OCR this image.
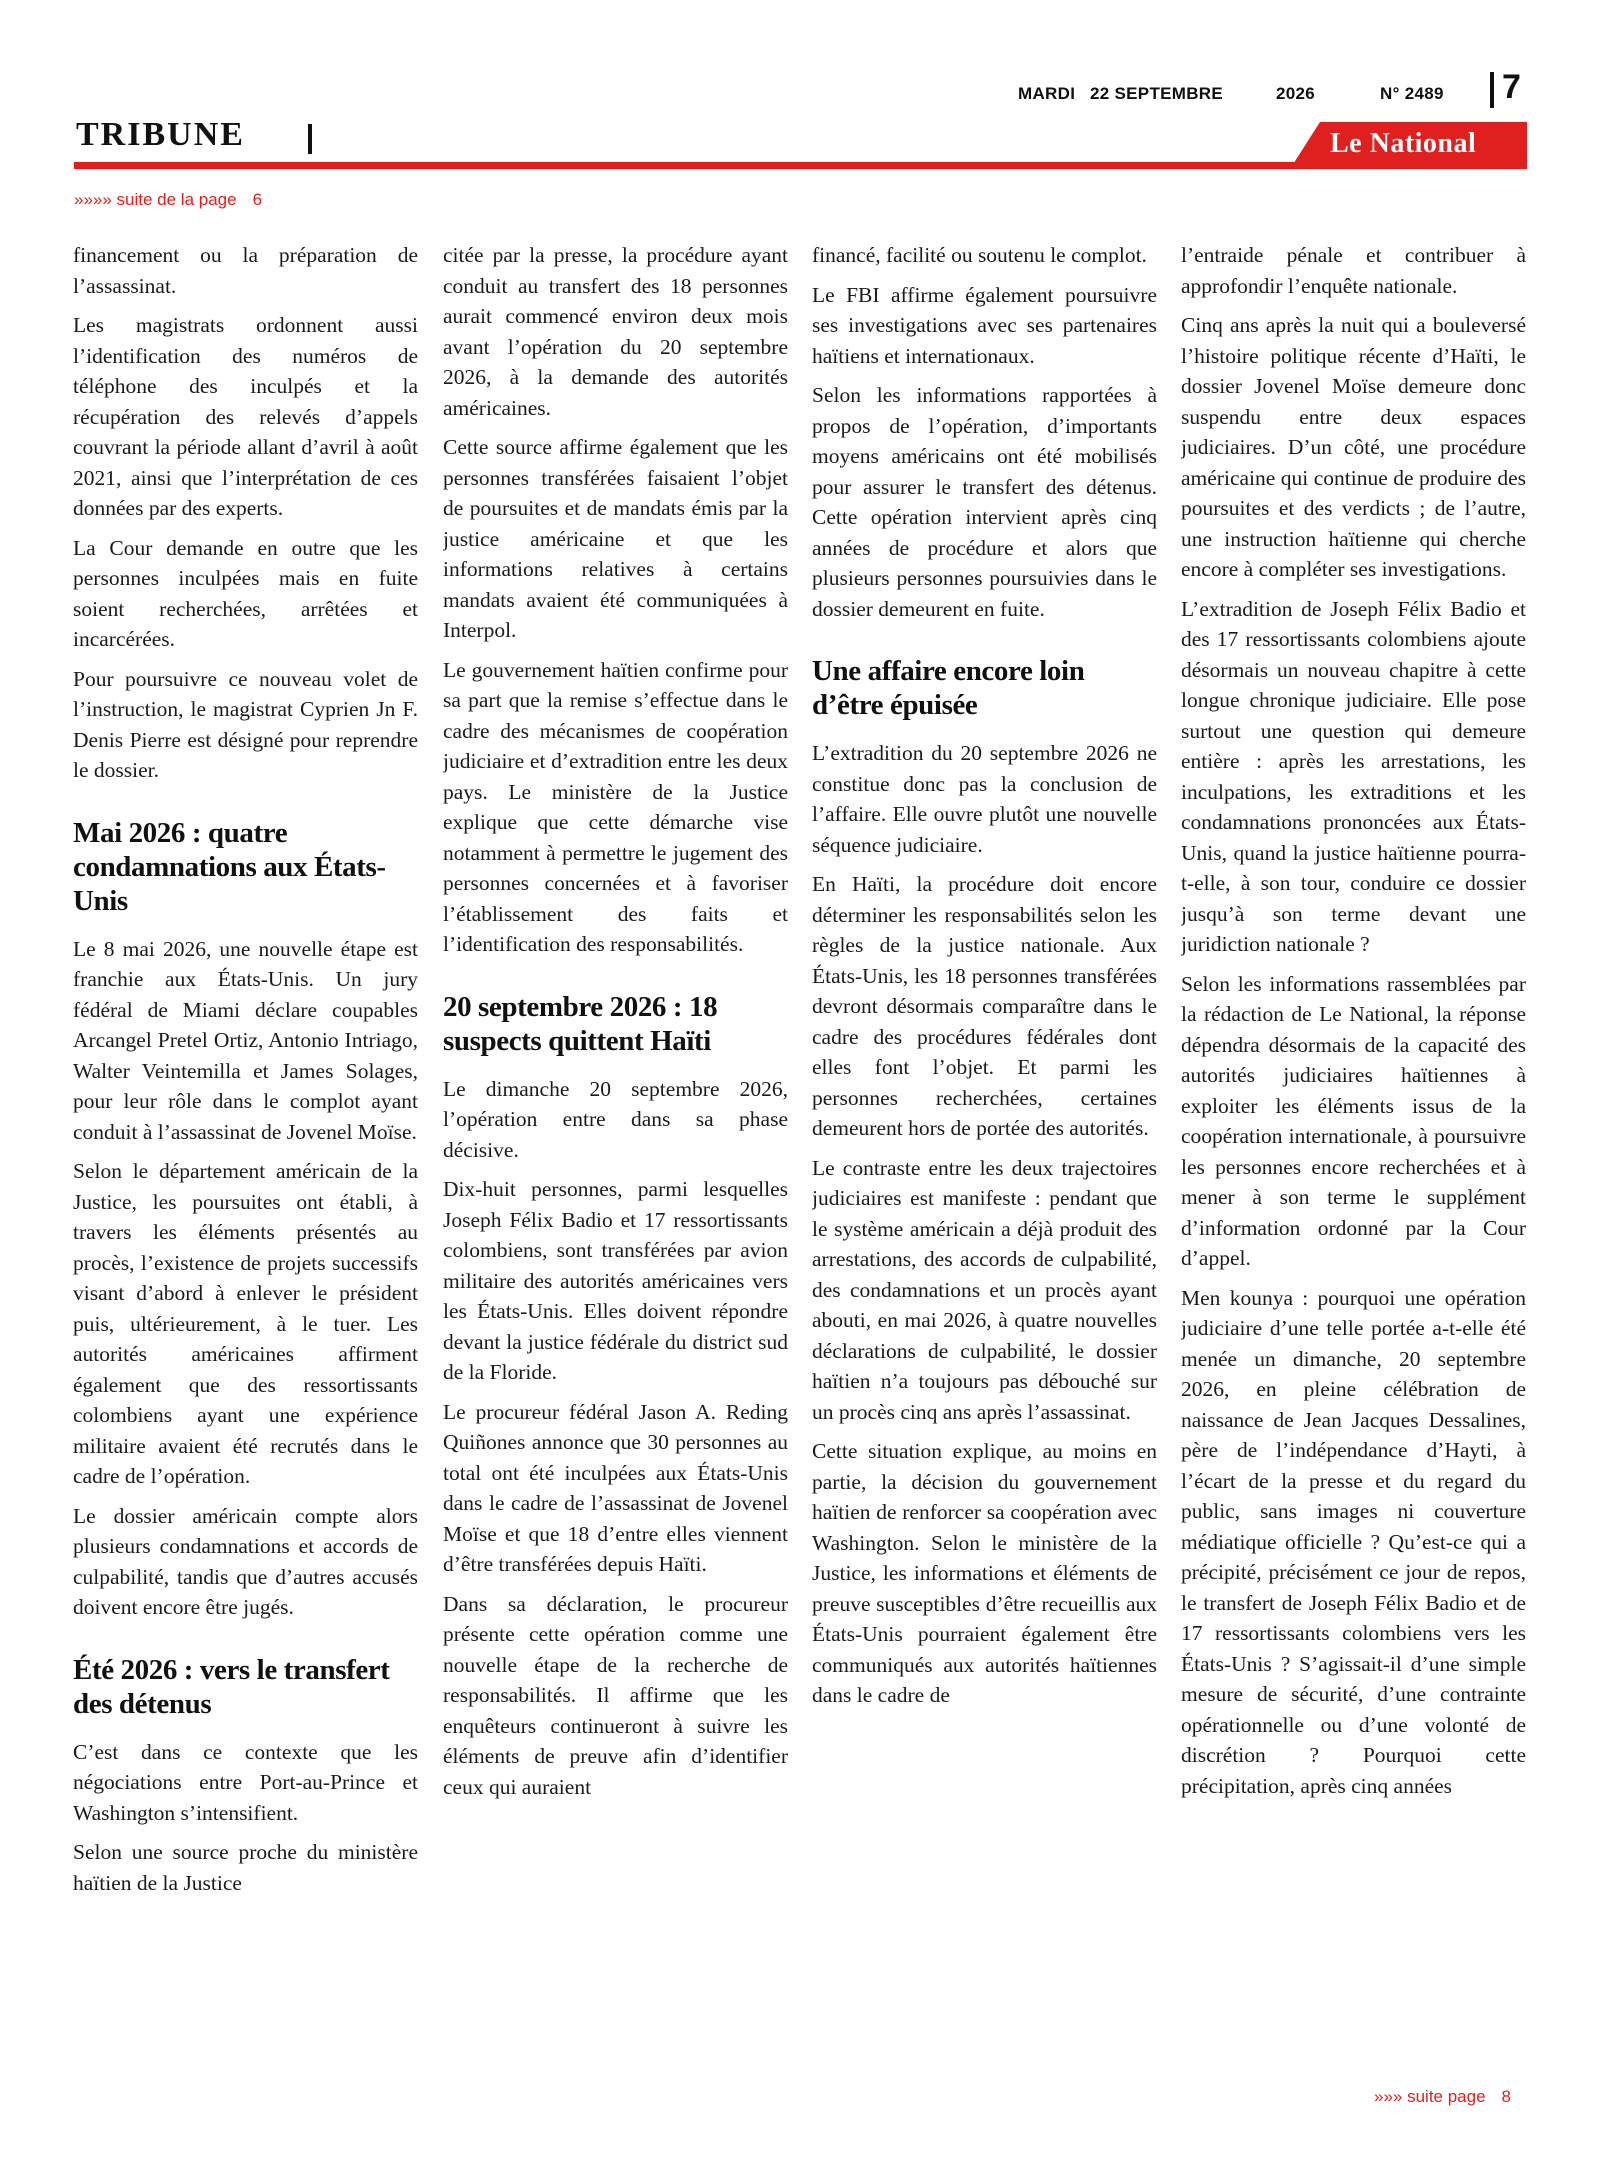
MARDI 22 SEPTEMBRE	2026	N° 2489 7
TRIBUNE	Le National
»»»» suite de la page 6

financement ou la préparation de l’assassinat.

Les magistrats ordonnent aussi l’identification des numéros de téléphone des inculpés et la récupération des relevés d’appels couvrant la période allant d’avril à août 2021, ainsi que l’interprétation de ces données par des experts.

La Cour demande en outre que les personnes inculpées mais en fuite soient recherchées, arrêtées et incarcérées.

Pour poursuivre ce nouveau volet de l’instruction, le magistrat Cyprien Jn F. Denis Pierre est désigné pour reprendre le dossier.

Mai 2026 : quatre condamnations aux États-Unis

Le 8 mai 2026, une nouvelle étape est franchie aux États-Unis. Un jury fédéral de Miami déclare coupables Arcangel Pretel Ortiz, Antonio Intriago, Walter Veintemilla et James Solages, pour leur rôle dans le complot ayant conduit à l’assassinat de Jovenel Moïse.

Selon le département américain de la Justice, les poursuites ont établi, à travers les éléments présentés au procès, l’existence de projets successifs visant d’abord à enlever le président puis, ultérieurement, à le tuer. Les autorités américaines affirment également que des ressortissants colombiens ayant une expérience militaire avaient été recrutés dans le cadre de l’opération.

Le dossier américain compte alors plusieurs condamnations et accords de culpabilité, tandis que d’autres accusés doivent encore être jugés.

Été 2026 : vers le transfert des détenus

C’est dans ce contexte que les négociations entre Port-au-Prince et Washington s’intensifient.

Selon une source proche du ministère haïtien de la Justice

citée par la presse, la procédure ayant conduit au transfert des 18 personnes aurait commencé environ deux mois avant l’opération du 20 septembre 2026, à la demande des autorités américaines.

Cette source affirme également que les personnes transférées faisaient l’objet de poursuites et de mandats émis par la justice américaine et que les informations relatives à certains mandats avaient été communiquées à Interpol.

Le gouvernement haïtien confirme pour sa part que la remise s’effectue dans le cadre des mécanismes de coopération judiciaire et d’extradition entre les deux pays. Le ministère de la Justice explique que cette démarche vise notamment à permettre le jugement des personnes concernées et à favoriser l’établissement des faits et l’identification des responsabilités.

20 septembre 2026 : 18 suspects quittent Haïti

Le dimanche 20 septembre 2026, l’opération entre dans sa phase décisive.

Dix-huit personnes, parmi lesquelles Joseph Félix Badio et 17 ressortissants colombiens, sont transférées par avion militaire des autorités américaines vers les États-Unis. Elles doivent répondre devant la justice fédérale du district sud de la Floride.

Le procureur fédéral Jason A. Reding Quiñones annonce que 30 personnes au total ont été inculpées aux États-Unis dans le cadre de l’assassinat de Jovenel Moïse et que 18 d’entre elles viennent d’être transférées depuis Haïti.

Dans sa déclaration, le procureur présente cette opération comme une nouvelle étape de la recherche de responsabilités. Il affirme que les enquêteurs continueront à suivre les éléments de preuve afin d’identifier ceux qui auraient

financé, facilité ou soutenu le complot.

Le FBI affirme également poursuivre ses investigations avec ses partenaires haïtiens et internationaux.

Selon les informations rapportées à propos de l’opération, d’importants moyens américains ont été mobilisés pour assurer le transfert des détenus. Cette opération intervient après cinq années de procédure et alors que plusieurs personnes poursuivies dans le dossier demeurent en fuite.

Une affaire encore loin d’être épuisée

L’extradition du 20 septembre 2026 ne constitue donc pas la conclusion de l’affaire. Elle ouvre plutôt une nouvelle séquence judiciaire.

En Haïti, la procédure doit encore déterminer les responsabilités selon les règles de la justice nationale. Aux États-Unis, les 18 personnes transférées devront désormais comparaître dans le cadre des procédures fédérales dont elles font l’objet. Et parmi les personnes recherchées, certaines demeurent hors de portée des autorités.

Le contraste entre les deux trajectoires judiciaires est manifeste : pendant que le système américain a déjà produit des arrestations, des accords de culpabilité, des condamnations et un procès ayant abouti, en mai 2026, à quatre nouvelles déclarations de culpabilité, le dossier haïtien n’a toujours pas débouché sur un procès cinq ans après l’assassinat.

Cette situation explique, au moins en partie, la décision du gouvernement haïtien de renforcer sa coopération avec Washington. Selon le ministère de la Justice, les informations et éléments de preuve susceptibles d’être recueillis aux États-Unis pourraient également être communiqués aux autorités haïtiennes dans le cadre de

l’entraide pénale et contribuer à approfondir l’enquête nationale.

Cinq ans après la nuit qui a bouleversé l’histoire politique récente d’Haïti, le dossier Jovenel Moïse demeure donc suspendu entre deux espaces judiciaires. D’un côté, une procédure américaine qui continue de produire des poursuites et des verdicts ; de l’autre, une instruction haïtienne qui cherche encore à compléter ses investigations.

L’extradition de Joseph Félix Badio et des 17 ressortissants colombiens ajoute désormais un nouveau chapitre à cette longue chronique judiciaire. Elle pose surtout une question qui demeure entière : après les arrestations, les inculpations, les extraditions et les condamnations prononcées aux États-Unis, quand la justice haïtienne pourra-t-elle, à son tour, conduire ce dossier jusqu’à son terme devant une juridiction nationale ?

Selon les informations rassemblées par la rédaction de Le National, la réponse dépendra désormais de la capacité des autorités judiciaires haïtiennes à exploiter les éléments issus de la coopération internationale, à poursuivre les personnes encore recherchées et à mener à son terme le supplément d’information ordonné par la Cour d’appel.

Men kounya : pourquoi une opération judiciaire d’une telle portée a-t-elle été menée un dimanche, 20 septembre 2026, en pleine célébration de naissance de Jean Jacques Dessalines, père de l’indépendance d’Hayti, à l’écart de la presse et du regard du public, sans images ni couverture médiatique officielle ? Qu’est-ce qui a précipité, précisément ce jour de repos, le transfert de Joseph Félix Badio et de 17 ressortissants colombiens vers les États-Unis ? S’agissait-il d’une simple mesure de sécurité, d’une contrainte opérationnelle ou d’une volonté de discrétion ? Pourquoi cette précipitation, après cinq années

»»» suite page 8
